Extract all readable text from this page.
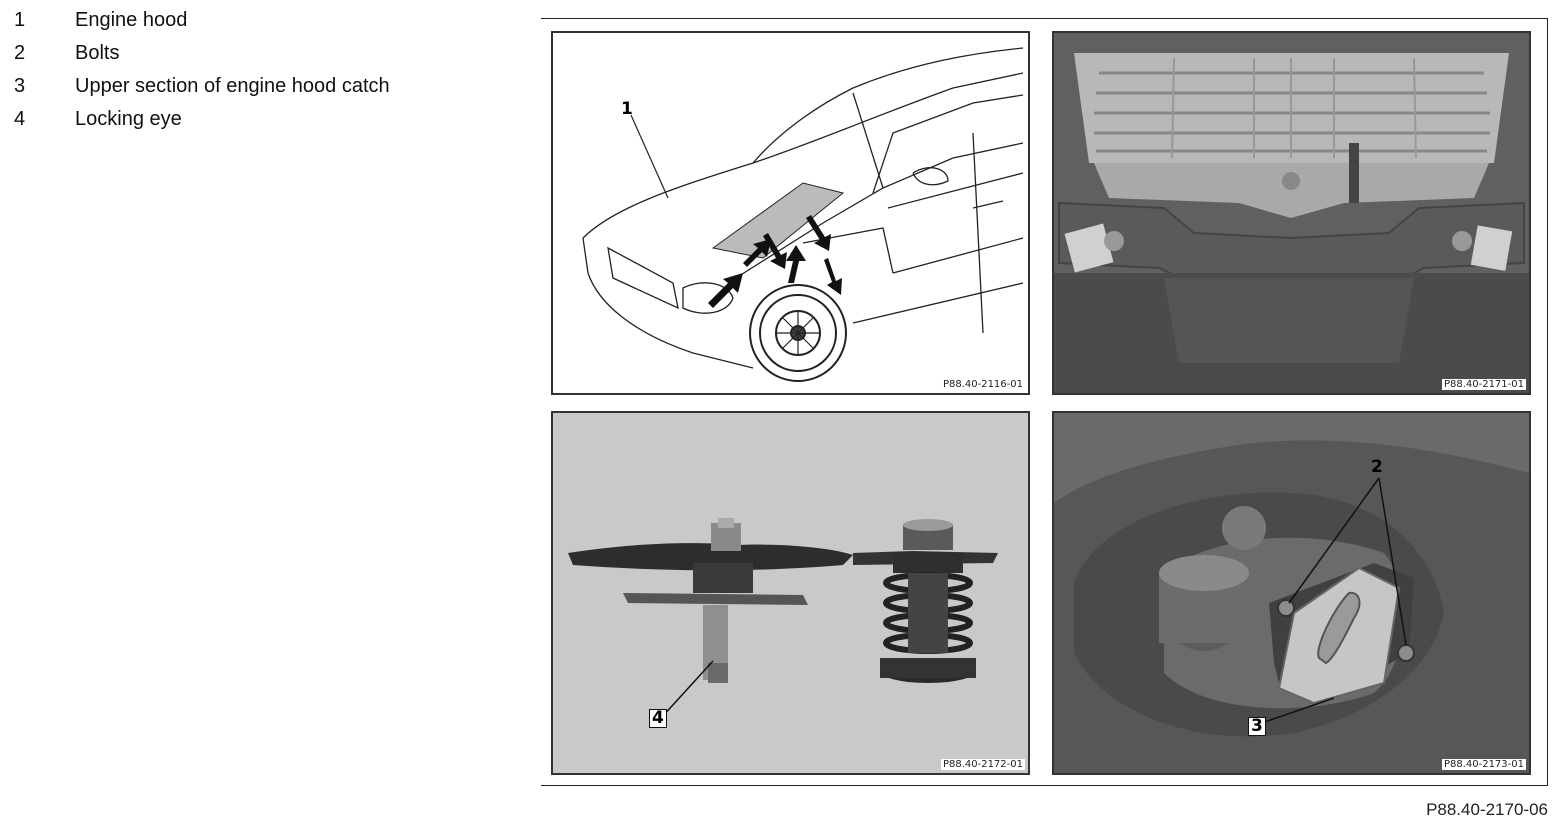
1 Engine hood
2 Bolts
3 Upper section of engine hood catch
4 Locking eye	1
P88.40-2116-01	P88.40-2171-01
4
P88.40-2172-01
2
3
P88.40-2173-01
P88.40-2170-06
